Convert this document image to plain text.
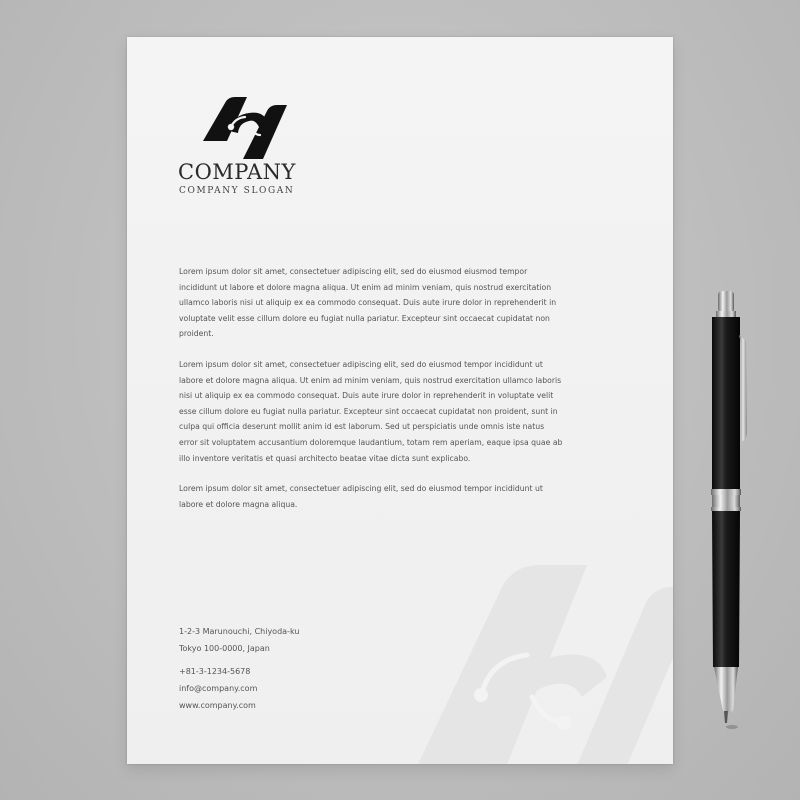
COMPANY
COMPANY SLOGAN

Lorem ipsum dolor sit amet, consectetuer adipiscing elit, sed do eiusmod eiusmod tempor incididunt ut labore et dolore magna aliqua. Ut enim ad minim veniam, quis nostrud exercitation ullamco laboris nisi ut aliquip ex ea commodo consequat. Duis aute irure dolor in reprehenderit in voluptate velit esse cillum dolore eu fugiat nulla pariatur. Excepteur sint occaecat cupidatat non proident.

Lorem ipsum dolor sit amet, consectetuer adipiscing elit, sed do eiusmod tempor incididunt ut labore et dolore magna aliqua. Ut enim ad minim veniam, quis nostrud exercitation ullamco laboris nisi ut aliquip ex ea commodo consequat. Duis aute irure dolor in reprehenderit in voluptate velit esse cillum dolore eu fugiat nulla pariatur. Excepteur sint occaecat cupidatat non proident, sunt in culpa qui officia deserunt mollit anim id est laborum. Sed ut perspiciatis unde omnis iste natus error sit voluptatem accusantium doloremque laudantium, totam rem aperiam, eaque ipsa quae ab illo inventore veritatis et quasi architecto beatae vitae dicta sunt explicabo.

Lorem ipsum dolor sit amet, consectetuer adipiscing elit, sed do eiusmod tempor incididunt ut labore et dolore magna aliqua.

1-2-3 Marunouchi, Chiyoda-ku
Tokyo 100-0000, Japan
+81-3-1234-5678
info@company.com
www.company.com
